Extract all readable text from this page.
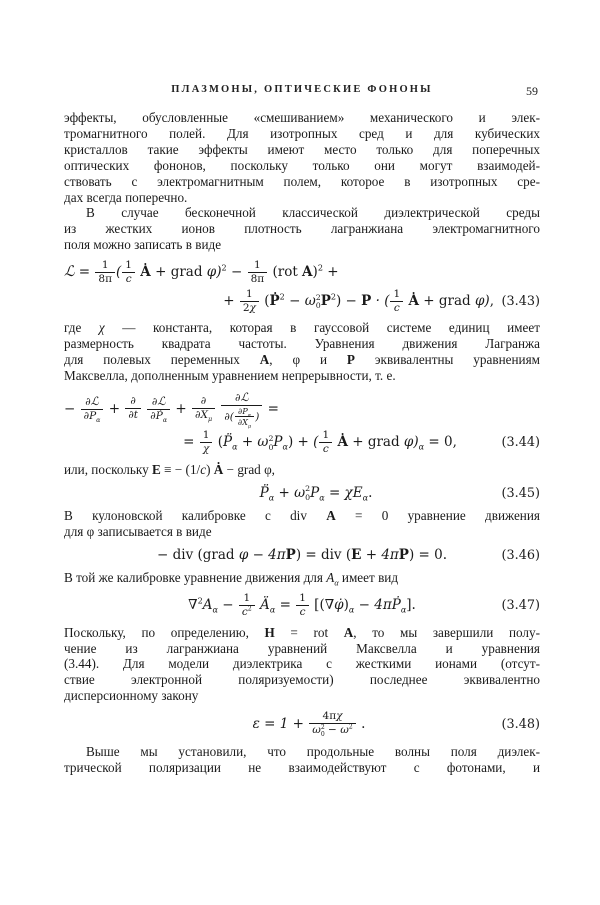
ПЛАЗМОНЫ, ОПТИЧЕСКИЕ ФОНОНЫ	59
эффекты, обусловленные «смешиванием» механического и элек-
тромагнитного полей. Для изотропных сред и для кубических
кристаллов такие эффекты имеют место только для поперечных
оптических фононов, поскольку только они могут взаимодей-
ствовать с электромагнитным полем, которое в изотропных сре-
дах всегда поперечно.
В случае бесконечной классической диэлектрической среды
из жестких ионов плотность лагранжиана электромагнитного
поля можно записать в виде
ℒ = $\frac{1}{8\pi}$ ( $\frac{1}{c}$ Ȧ + grad $\varphi)^2 - \frac{1}{8\pi} (rot$ A)$^2$ +
+ $\frac{1}{2\chi}$ (Ṗ$^2$ − ω 2
0 $P^2) - P$ · ( $\frac{1}{c}$ Ȧ + grad φ), (3.43)
где χ — константа, которая в гауссовой системе единиц имеет
размерность квадрата частоты. Уравнения движения Лагранжа
для полевых переменных A, φ и P эквивалентны уравнениям
Максвелла, дополненным уравнением непрерывности, т. е.
− $\frac{\text{∂ℒ}}{\partial P_\alpha} + \frac{\partial}{\partial t}$
$\frac{\text{∂ℒ}}{\partial Ṗ_\alpha} + \frac{\partial}{\partial X_\mu}$
$\frac{\text{∂ℒ}}{\partial( \frac{\partial P_\alpha}{\partial X_\mu} )}$ =
= $\frac{1}{\chi}$ ($P̈_\alpha + \omega$ 2
0 $P_\alpha$) + ( $\frac{1}{c}$ Ȧ + grad $\varphi)_\alpha = 0$,	(3.44)
или, поскольку E ≡ − (1/c) Ȧ − grad φ,
$P̈_\alpha + \omega$ 2
0 $P_\alpha = \chi E_\alpha$.	(3.45)
В кулоновской калибровке с div A = 0 уравнение движения
для φ записывается в виде
− div (grad φ − 4πP) = div (E + 4πP) = 0.	(3.46)
В той же калибровке уравнение движения для $A_\alpha$ имеет вид
$\nabla^2A_\alpha - \frac{1}{c^2}$ $Ä_\alpha = \frac{1}{c}$ [$(\nabla\varphi̇)_\alpha$ − 4πṖ$_\alpha$].	(3.47)
Поскольку, по определению, H = rot A, то мы завершили полу-
чение из лагранжиана уравнений Максвелла и уравнения
(3.44). Для модели диэлектрика с жесткими ионами (отсут-
ствие электронной поляризуемости) последнее эквивалентно
дисперсионному закону
ε = 1 + 4πχ
ω 2
$0 - \omega^2$ .	(3.48)
Выше мы установили, что продольные волны поля диэлек-
трической поляризации не взаимодействуют с фотонами, и
